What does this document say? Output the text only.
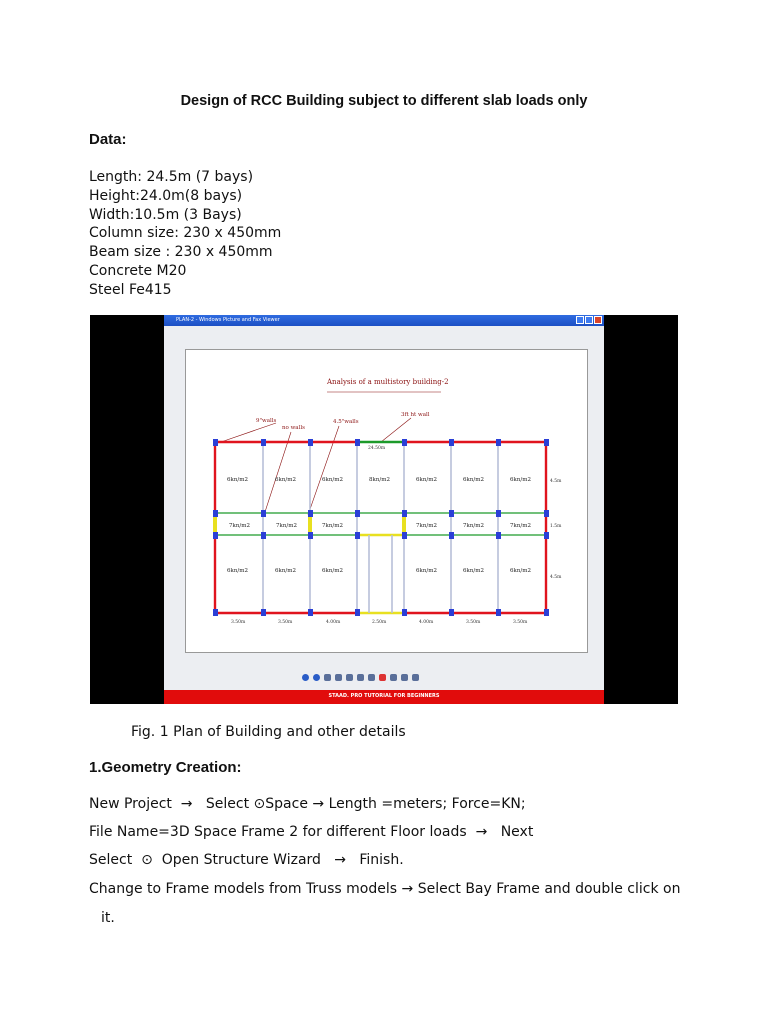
Design of RCC Building subject to different slab loads only
Data:
Length: 24.5m (7 bays)
Height:24.0m(8 bays)
Width:10.5m (3 Bays)
Column size: 230 x 450mm
Beam size : 230 x 450mm
Concrete M20
Steel Fe415
PLAN-2 - Windows Picture and Fax Viewer
Analysis of a multistory building-2
9"walls
no walls
4.5"walls
3ft ht wall
24.50m
6kn/m2	6kn/m2	6kn/m2	8kn/m2	6kn/m2	6kn/m2	6kn/m2
7kn/m2	7kn/m2	7kn/m2	7kn/m2	7kn/m2	7kn/m2
6kn/m2	6kn/m2	6kn/m2	6kn/m2	6kn/m2	6kn/m2
3.50m	3.50m	4.00m	2.50m	4.00m	3.50m	3.50m
4.5m
1.5m
4.5m
STAAD. PRO TUTORIAL FOR BEGINNERS
Fig. 1 Plan of Building and other details
1.Geometry Creation:
New Project → Select ⊙Space → Length =meters; Force=KN;
File Name=3D Space Frame 2 for different Floor loads → Next
Select ⊙ Open Structure Wizard → Finish.
Change to Frame models from Truss models → Select Bay Frame and double click on
it.
